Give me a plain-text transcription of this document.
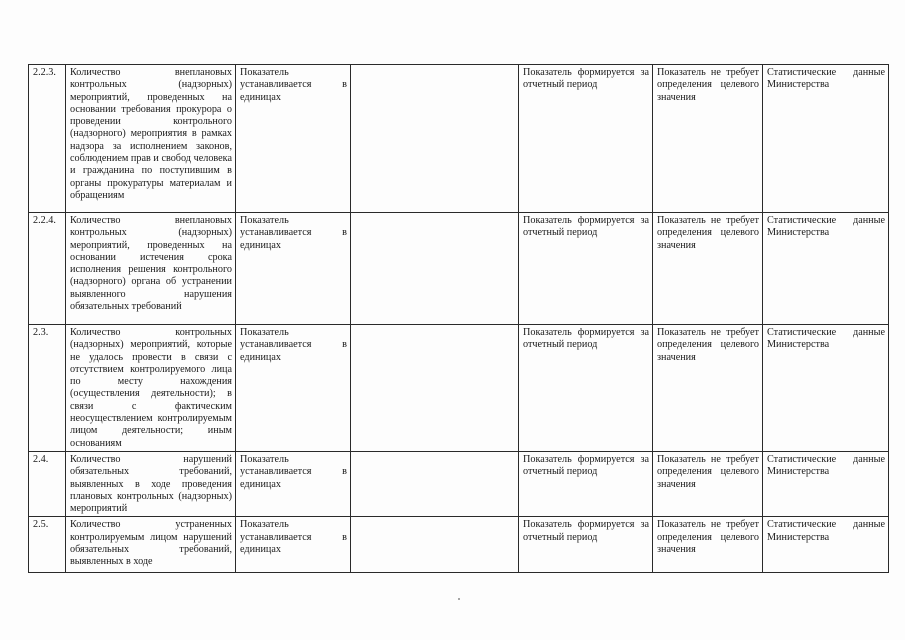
2.2.3.	Количество внеплановых контрольных (надзорных) мероприятий, проведенных на основании требования прокурора о проведении контрольного (надзорного) мероприятия в рамках надзора за исполнением законов, соблюдением прав и свобод человека и гражданина по поступившим в органы прокуратуры материалам и обращениям	Показатель устанавливается в единицах		Показатель формируется за отчетный период	Показатель не требует определения целевого значения	Статистические данные Министерства
2.2.4.	Количество внеплановых контрольных (надзорных) мероприятий, проведенных на основании истечения срока исполнения решения контрольного (надзорного) органа об устранении выявленного нарушения обязательных требований	Показатель устанавливается в единицах		Показатель формируется за отчетный период	Показатель не требует определения целевого значения	Статистические данные Министерства
2.3.	Количество контрольных (надзорных) мероприятий, которые не удалось провести в связи с отсутствием контролируемого лица по месту нахождения (осуществления деятельности); в связи с фактическим неосуществлением контролируемым лицом деятельности; иным основаниям	Показатель устанавливается в единицах		Показатель формируется за отчетный период	Показатель не требует определения целевого значения	Статистические данные Министерства
2.4.	Количество нарушений обязательных требований, выявленных в ходе проведения плановых контрольных (надзорных) мероприятий	Показатель устанавливается в единицах		Показатель формируется за отчетный период	Показатель не требует определения целевого значения	Статистические данные Министерства
2.5.	Количество устраненных контролируемым лицом нарушений обязательных требований, выявленных в ходе	Показатель устанавливается в единицах		Показатель формируется за отчетный период	Показатель не требует определения целевого значения	Статистические данные Министерства
